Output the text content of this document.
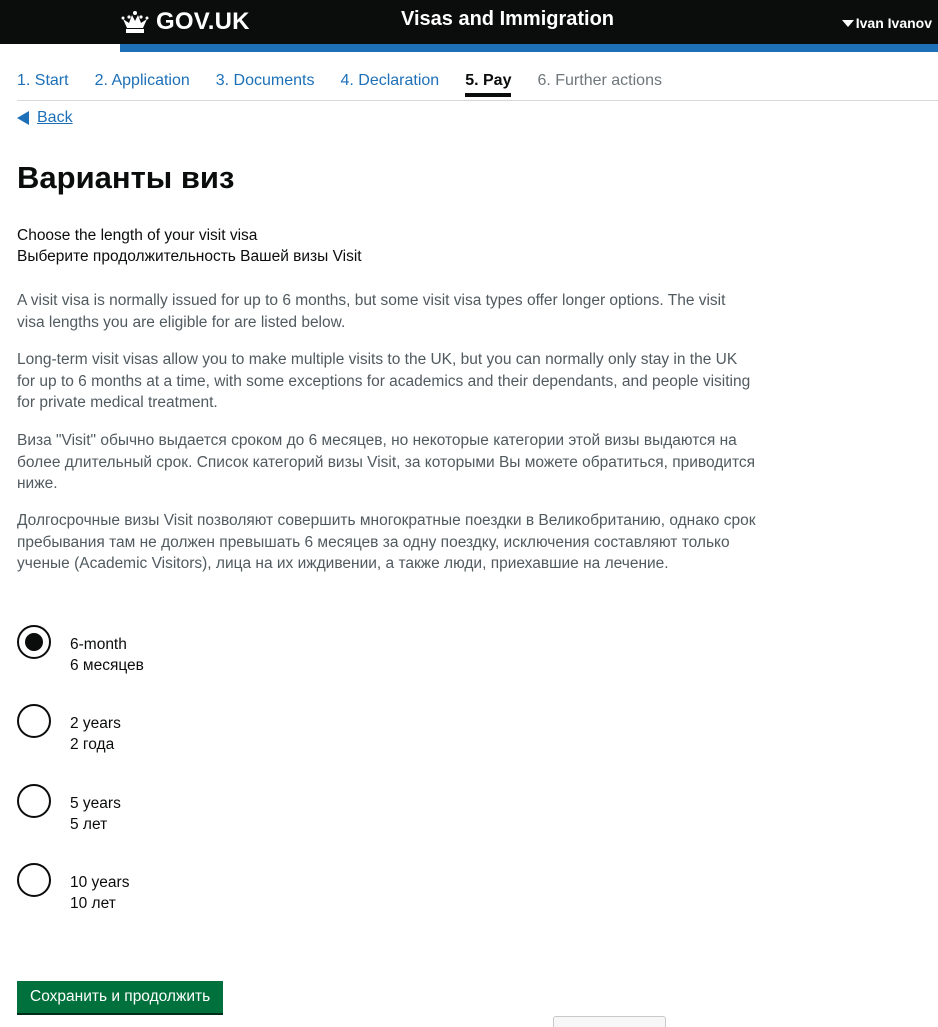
GOV.UK	Visas and Immigration	Ivan Ivanov
1. Start 2. Application 3. Documents 4. Declaration 5. Pay 6. Further actions
Back
Варианты виз
Choose the length of your visit visa
Выберите продолжительность Вашей визы Visit

A visit visa is normally issued for up to 6 months, but some visit visa types offer longer options. The visit visa lengths you are eligible for are listed below.

Long-term visit visas allow you to make multiple visits to the UK, but you can normally only stay in the UK for up to 6 months at a time, with some exceptions for academics and their dependants, and people visiting for private medical treatment.

Виза "Visit" обычно выдается сроком до 6 месяцев, но некоторые категории этой визы выдаются на более длительный срок. Список категорий визы Visit, за которыми Вы можете обратиться, приводится ниже.

Долгосрочные визы Visit позволяют совершить многократные поездки в Великобританию, однако срок пребывания там не должен превышать 6 месяцев за одну поездку, исключения составляют только ученые (Academic Visitors), лица на их иждивении, а также люди, приехавшие на лечение.

6-month
6 месяцев
2 years
2 года
5 years
5 лет
10 years
10 лет
Сохранить и продолжить
